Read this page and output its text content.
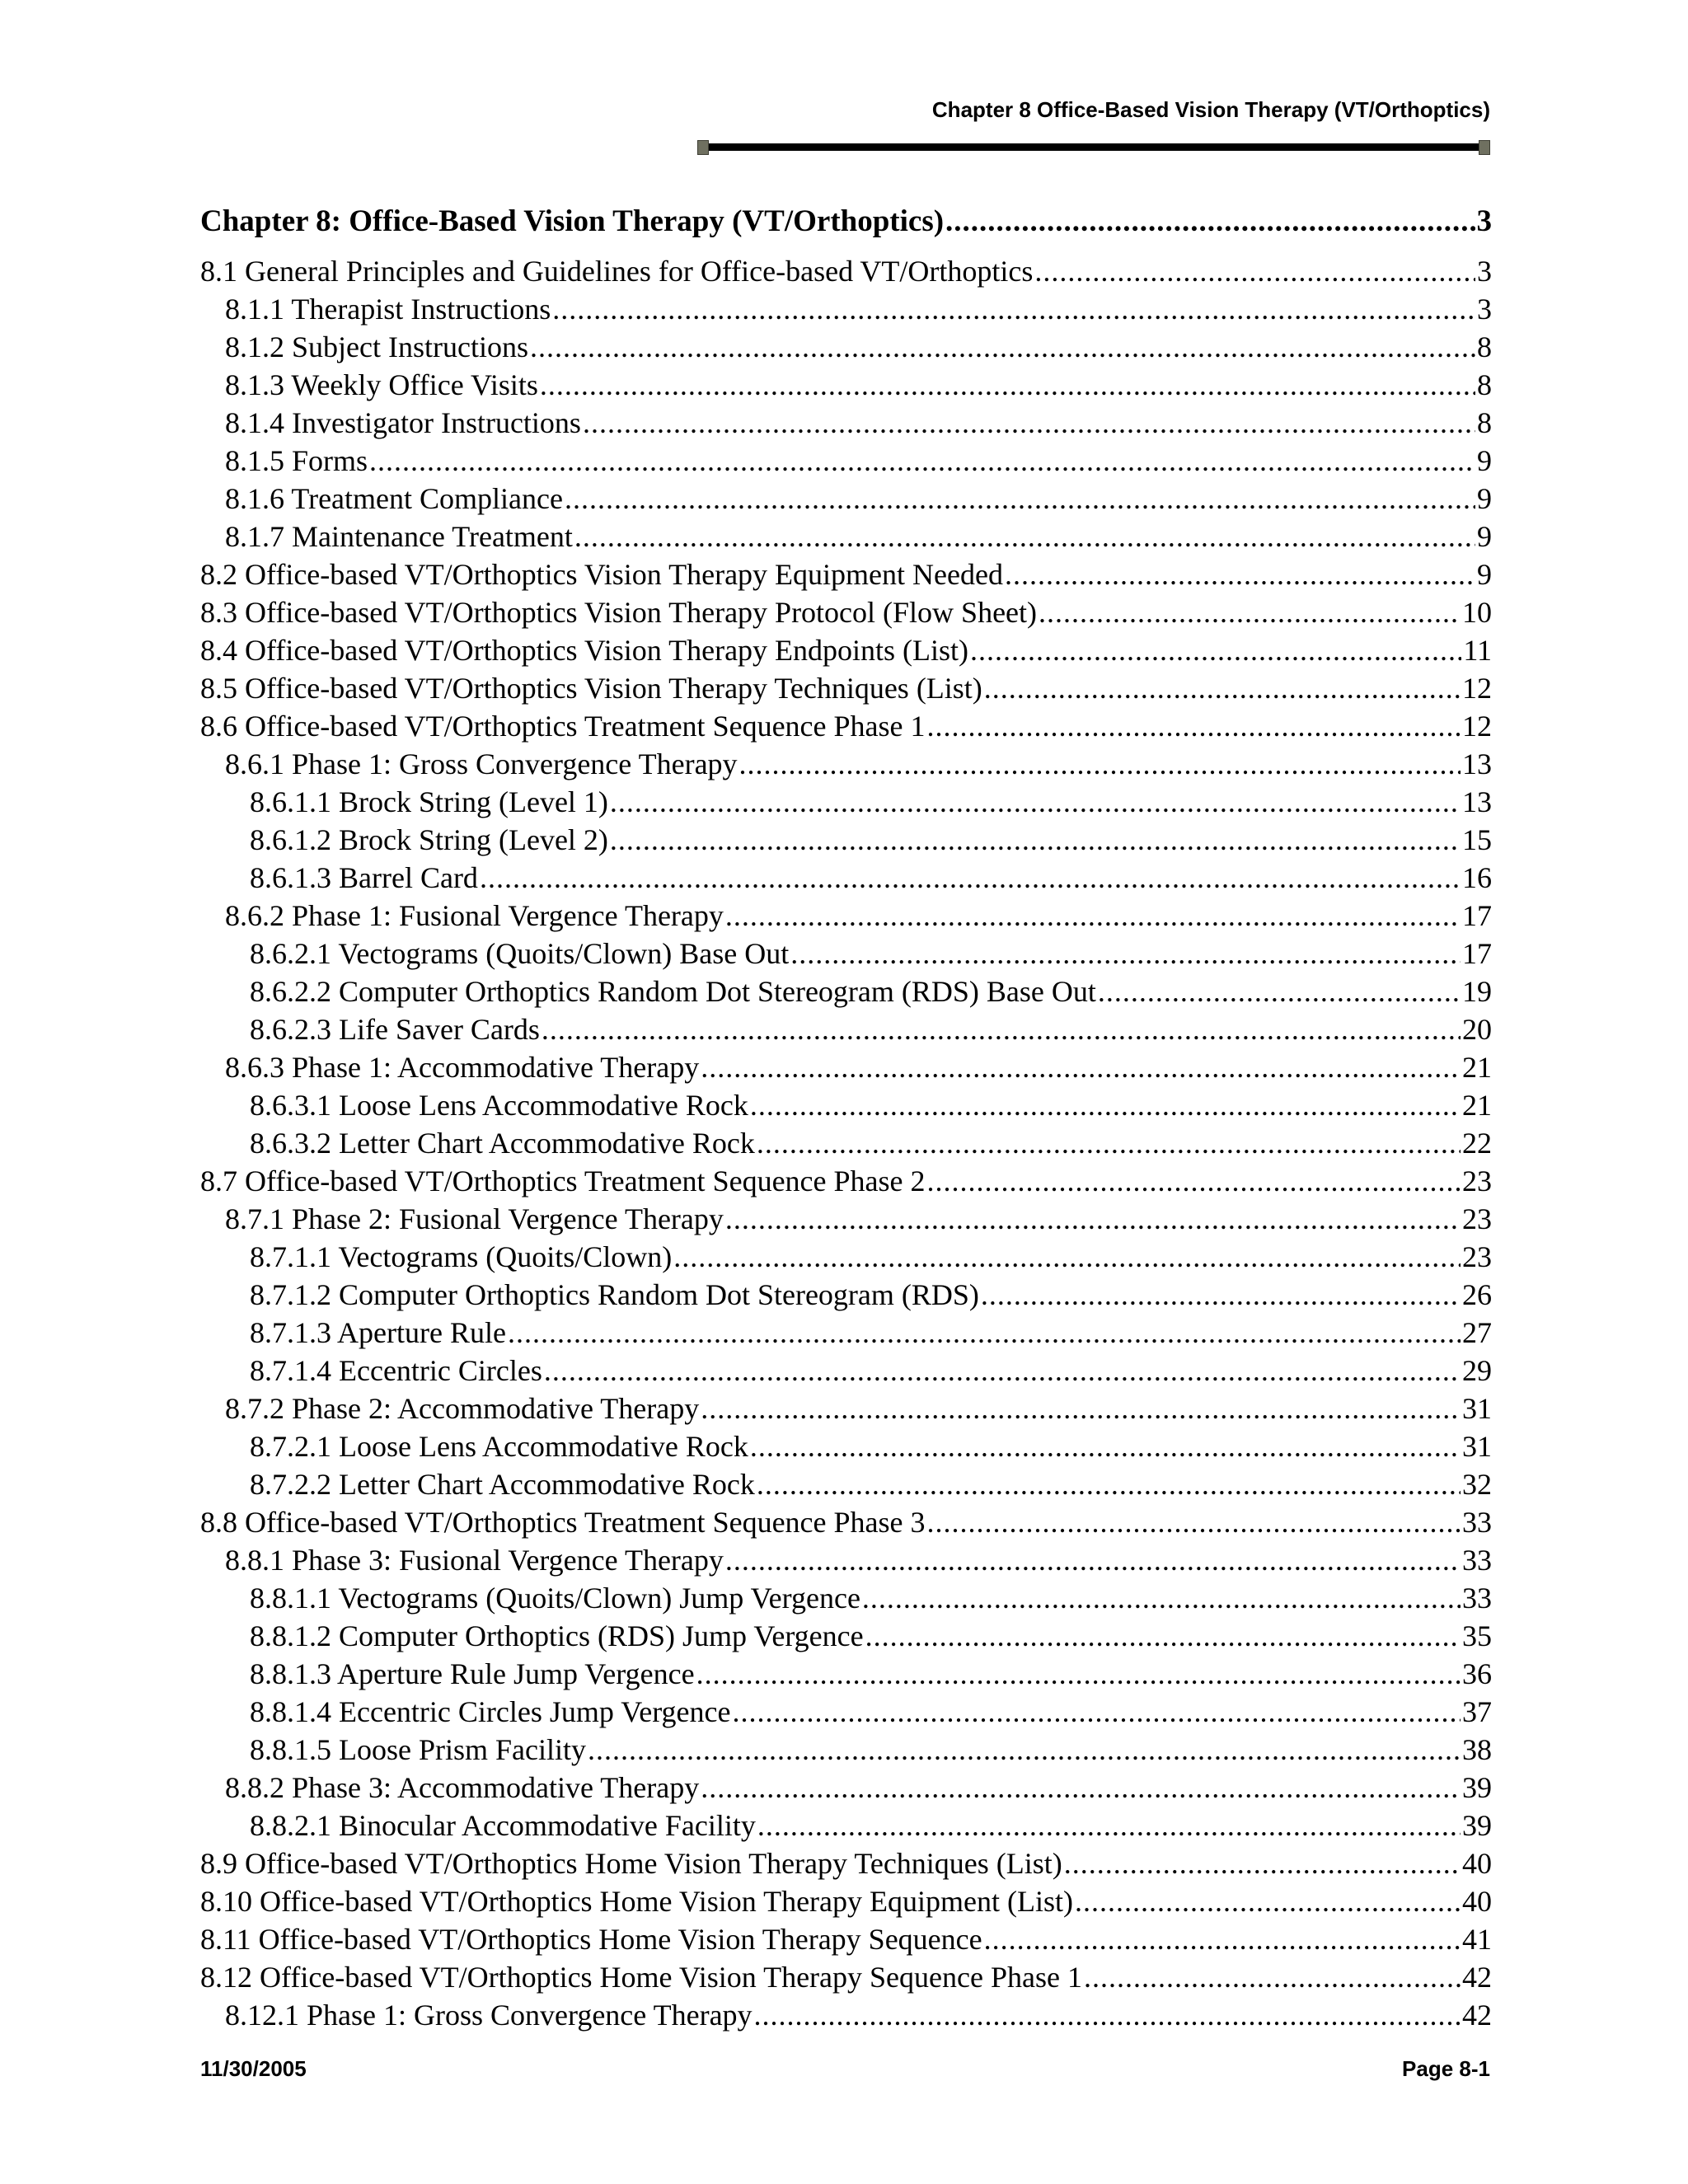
Chapter 8 Office-Based Vision Therapy (VT/Orthoptics)
Chapter 8: Office-Based Vision Therapy (VT/Orthoptics) .....	3
8.1 General Principles and Guidelines for Office-based VT/Orthoptics .....	3
8.1.1 Therapist Instructions .....	3
8.1.2 Subject Instructions .....	8
8.1.3 Weekly Office Visits .....	8
8.1.4 Investigator Instructions .....	8
8.1.5 Forms .....	9
8.1.6 Treatment Compliance .....	9
8.1.7 Maintenance Treatment .....	9
8.2 Office-based VT/Orthoptics Vision Therapy Equipment Needed .....	9
8.3 Office-based VT/Orthoptics Vision Therapy Protocol (Flow Sheet) .....	10
8.4 Office-based VT/Orthoptics Vision Therapy Endpoints (List) .....	11
8.5 Office-based VT/Orthoptics Vision Therapy Techniques (List) .....	12
8.6 Office-based VT/Orthoptics Treatment Sequence Phase 1 .....	12
8.6.1 Phase 1: Gross Convergence Therapy .....	13
8.6.1.1 Brock String (Level 1) .....	13
8.6.1.2 Brock String (Level 2) .....	15
8.6.1.3 Barrel Card .....	16
8.6.2 Phase 1: Fusional Vergence Therapy .....	17
8.6.2.1 Vectograms (Quoits/Clown) Base Out .....	17
8.6.2.2 Computer Orthoptics Random Dot Stereogram (RDS) Base Out .....	19
8.6.2.3 Life Saver Cards .....	20
8.6.3 Phase 1: Accommodative Therapy .....	21
8.6.3.1 Loose Lens Accommodative Rock .....	21
8.6.3.2 Letter Chart Accommodative Rock .....	22
8.7 Office-based VT/Orthoptics Treatment Sequence Phase 2 .....	23
8.7.1 Phase 2: Fusional Vergence Therapy .....	23
8.7.1.1 Vectograms (Quoits/Clown) .....	23
8.7.1.2 Computer Orthoptics Random Dot Stereogram (RDS) .....	26
8.7.1.3 Aperture Rule .....	27
8.7.1.4 Eccentric Circles .....	29
8.7.2 Phase 2: Accommodative Therapy .....	31
8.7.2.1 Loose Lens Accommodative Rock .....	31
8.7.2.2 Letter Chart Accommodative Rock .....	32
8.8 Office-based VT/Orthoptics Treatment Sequence Phase 3 .....	33
8.8.1 Phase 3: Fusional Vergence Therapy .....	33
8.8.1.1 Vectograms (Quoits/Clown) Jump Vergence .....	33
8.8.1.2 Computer Orthoptics (RDS) Jump Vergence .....	35
8.8.1.3 Aperture Rule Jump Vergence .....	36
8.8.1.4 Eccentric Circles Jump Vergence .....	37
8.8.1.5 Loose Prism Facility .....	38
8.8.2 Phase 3: Accommodative Therapy .....	39
8.8.2.1 Binocular Accommodative Facility .....	39
8.9 Office-based VT/Orthoptics Home Vision Therapy Techniques (List) .....	40
8.10 Office-based VT/Orthoptics Home Vision Therapy Equipment (List) .....	40
8.11 Office-based VT/Orthoptics Home Vision Therapy Sequence .....	41
8.12 Office-based VT/Orthoptics Home Vision Therapy Sequence Phase 1 .....	42
8.12.1 Phase 1: Gross Convergence Therapy .....	42
11/30/2005	Page 8-1
